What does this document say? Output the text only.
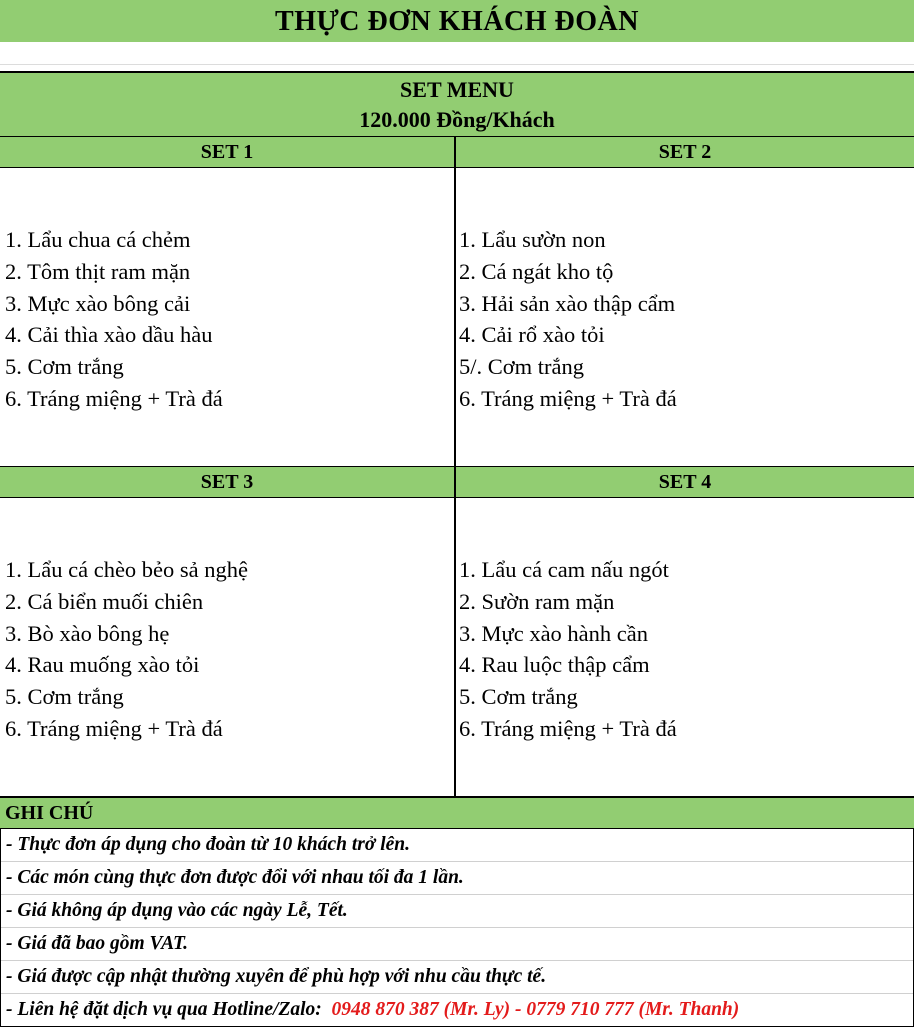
THỰC ĐƠN KHÁCH ĐOÀN
SET MENU
120.000 Đồng/Khách
SET 1
1. Lẩu chua cá chẻm
2. Tôm thịt ram mặn
3. Mực xào bông cải
4. Cải thìa xào dầu hàu
5. Cơm trắng
6. Tráng miệng + Trà đá
SET 2
1. Lẩu sườn non
2. Cá ngát kho tộ
3. Hải sản xào thập cẩm
4. Cải rổ xào tỏi
5/. Cơm trắng
6. Tráng miệng + Trà đá
SET 3
1. Lẩu cá chèo bẻo sả nghệ
2. Cá biển muối chiên
3. Bò xào bông hẹ
4. Rau muống xào tỏi
5. Cơm trắng
6. Tráng miệng + Trà đá
SET 4
1. Lẩu cá cam nấu ngót
2. Sườn ram mặn
3. Mực xào hành cần
4. Rau luộc thập cẩm
5. Cơm trắng
6. Tráng miệng + Trà đá
GHI CHÚ
- Thực đơn áp dụng cho đoàn từ 10 khách trở lên.
- Các món cùng thực đơn được đổi với nhau tối đa 1 lần.
- Giá không áp dụng vào các ngày Lễ, Tết.
- Giá đã bao gồm VAT.
- Giá được cập nhật thường xuyên để phù hợp với nhu cầu thực tế.
- Liên hệ đặt dịch vụ qua Hotline/Zalo: 0948 870 387 (Mr. Ly) - 0779 710 777 (Mr. Thanh)
